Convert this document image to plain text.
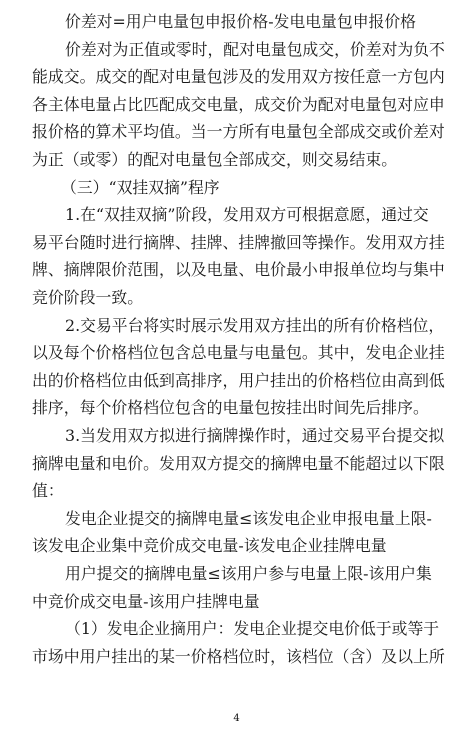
价差对=用户电量包申报价格-发电电量包申报价格
价差对为正值或零时，配对电量包成交，价差对为负不
能成交。成交的配对电量包涉及的发用双方按任意一方包内
各主体电量占比匹配成交电量，成交价为配对电量包对应申
报价格的算术平均值。当一方所有电量包全部成交或价差对
为正（或零）的配对电量包全部成交，则交易结束。
（三）“双挂双摘”程序
1.在“双挂双摘”阶段，发用双方可根据意愿，通过交
易平台随时进行摘牌、挂牌、挂牌撤回等操作。发用双方挂
牌、摘牌限价范围，以及电量、电价最小申报单位均与集中
竞价阶段一致。
2.交易平台将实时展示发用双方挂出的所有价格档位，
以及每个价格档位包含总电量与电量包。其中，发电企业挂
出的价格档位由低到高排序，用户挂出的价格档位由高到低
排序，每个价格档位包含的电量包按挂出时间先后排序。
3.当发用双方拟进行摘牌操作时，通过交易平台提交拟
摘牌电量和电价。发用双方提交的摘牌电量不能超过以下限
值：
发电企业提交的摘牌电量≤该发电企业申报电量上限-
该发电企业集中竞价成交电量-该发电企业挂牌电量
用户提交的摘牌电量≤该用户参与电量上限-该用户集
中竞价成交电量-该用户挂牌电量
（1）发电企业摘用户：发电企业提交电价低于或等于
市场中用户挂出的某一价格档位时，该档位（含）及以上所
4
